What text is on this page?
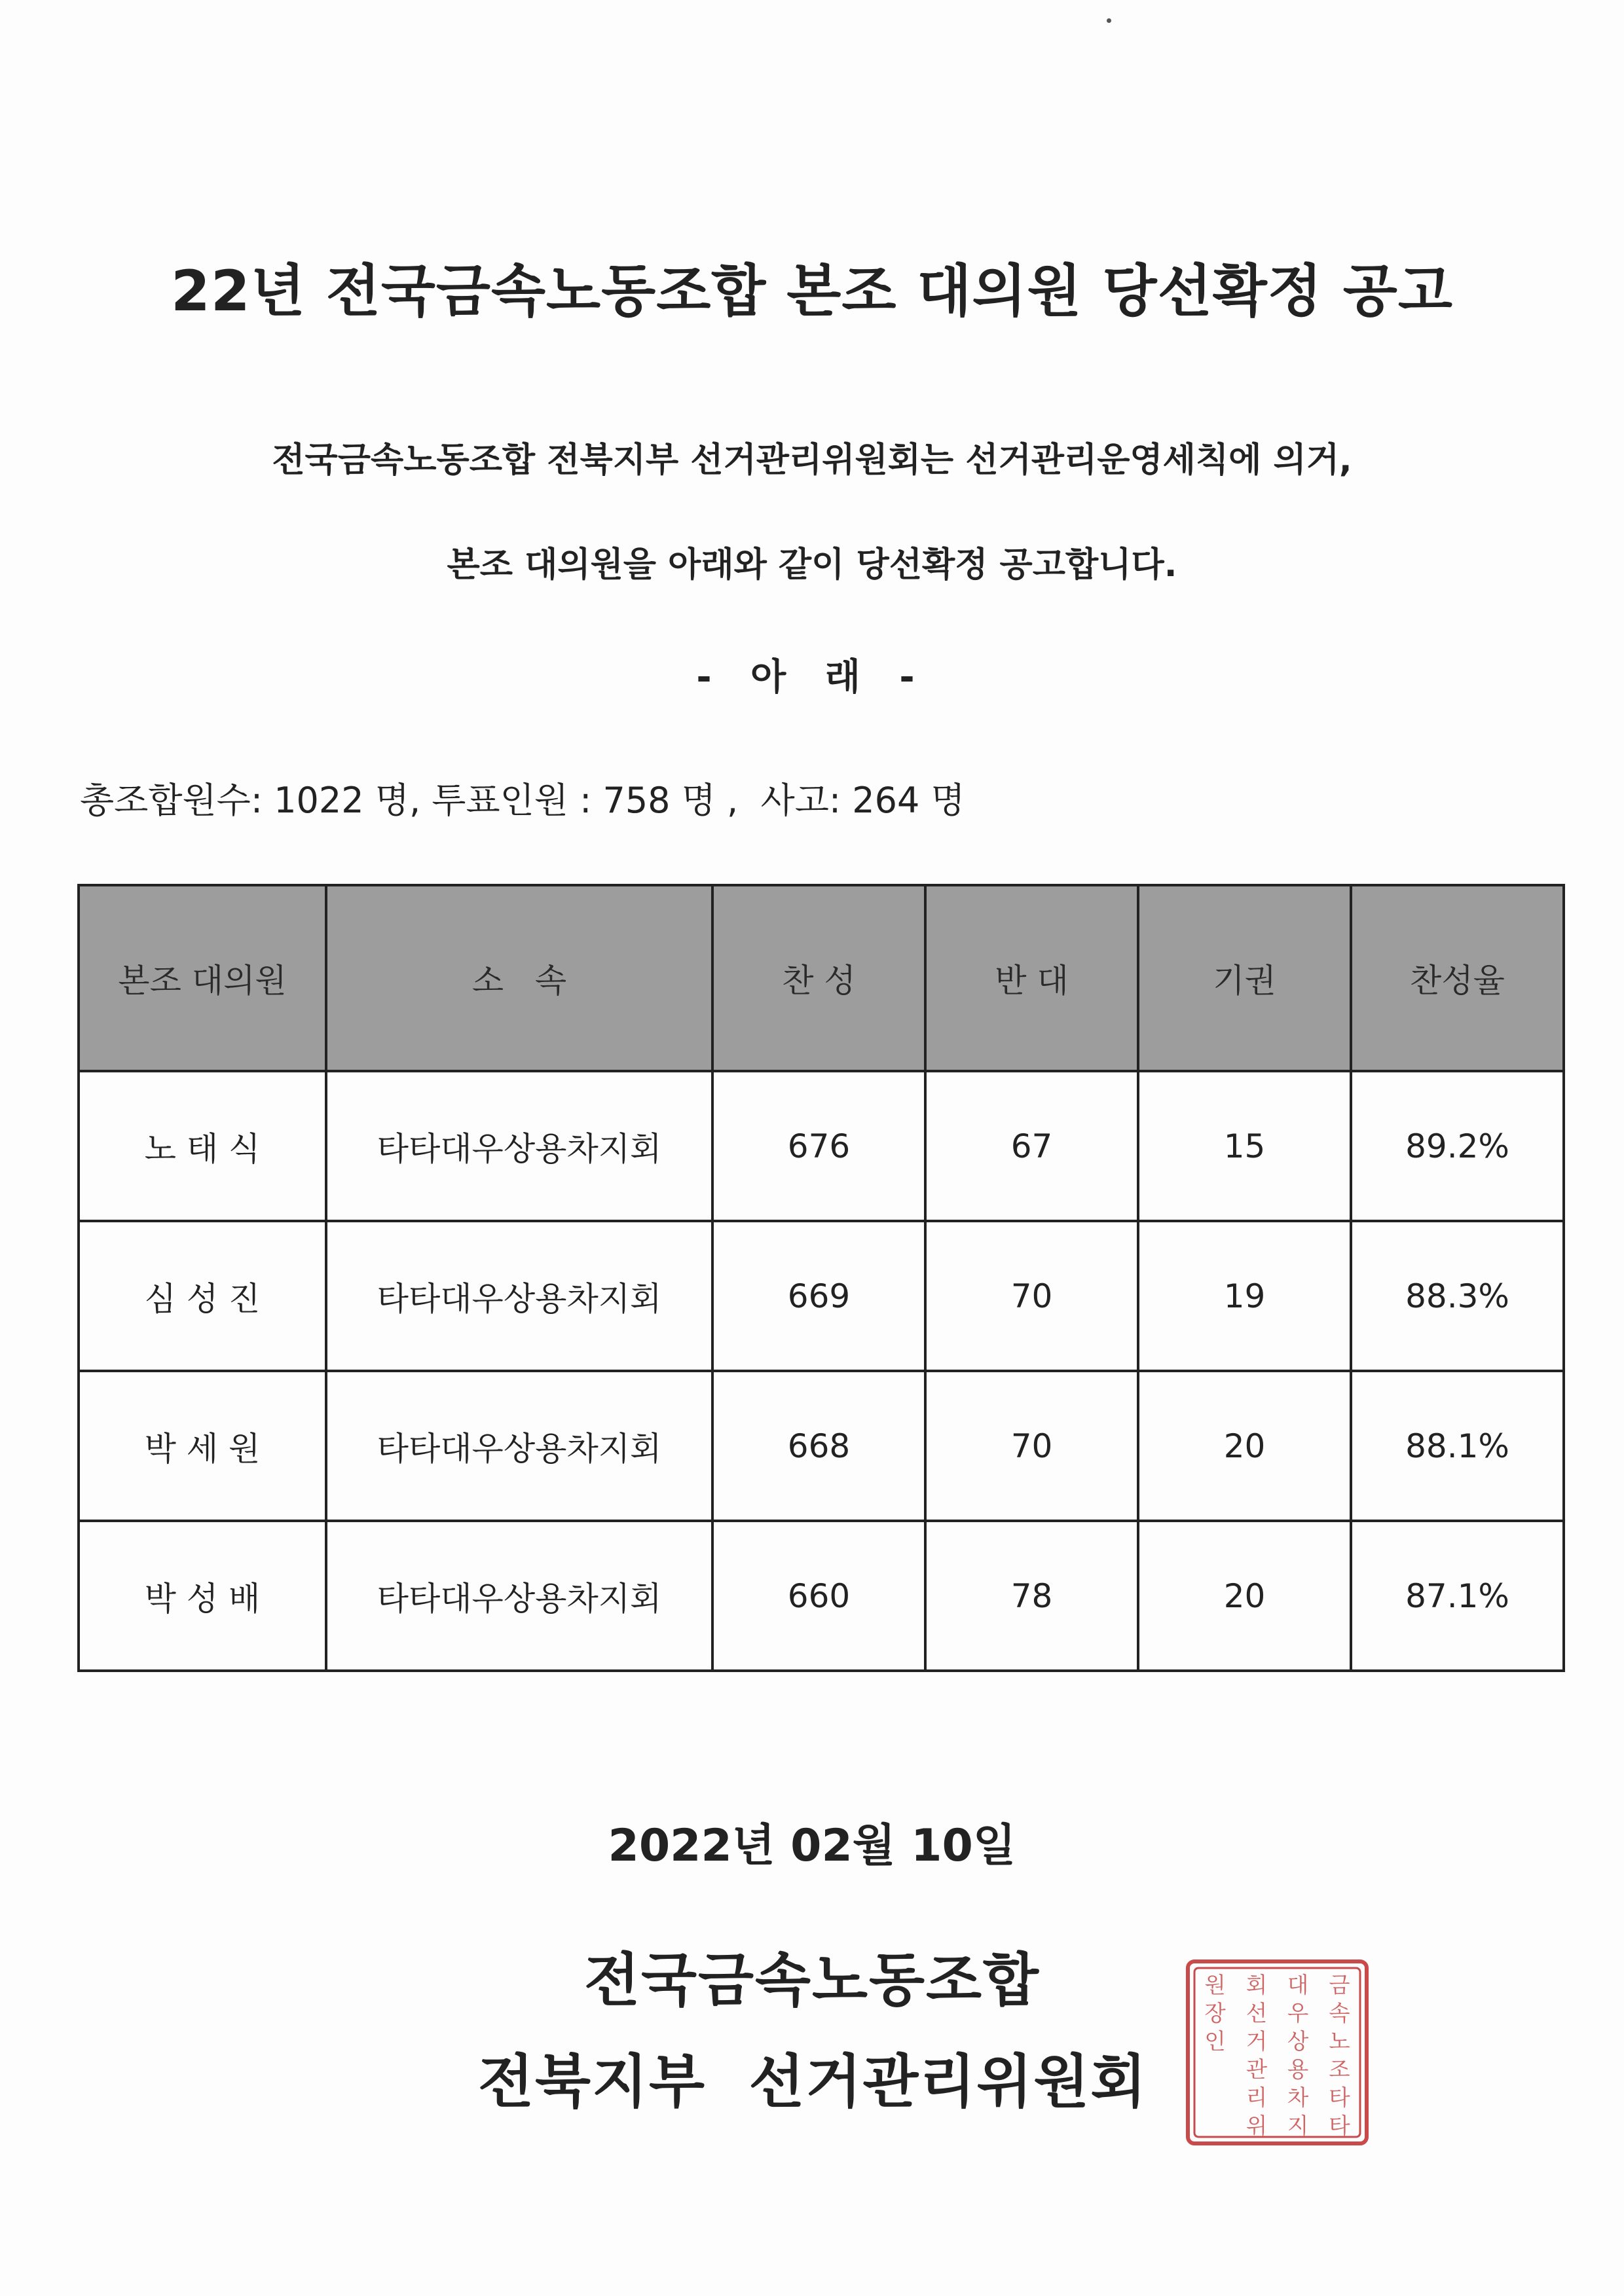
22년 전국금속노동조합 본조 대의원 당선확정 공고
전국금속노동조합 전북지부 선거관리위원회는 선거관리운영세칙에 의거,
본조 대의원을 아래와 같이 당선확정 공고합니다.
- 아 래 -
총조합원수: 1022 명, 투표인원 : 758 명 , 사고: 264 명
본조 대의원	소   속	찬 성	반 대	기권	찬성율
노 태 식	타타대우상용차지회	676	67	15	89.2%
심 성 진	타타대우상용차지회	669	70	19	88.3%
박 세 원	타타대우상용차지회	668	70	20	88.1%
박 성 배	타타대우상용차지회	660	78	20	87.1%
2022년 02월 10일
전국금속노동조합
전북지부 선거관리위원회
금
속
노
조
타
타
대
우
상
용
차
지
회
선
거
관
리
위
원
장
인
